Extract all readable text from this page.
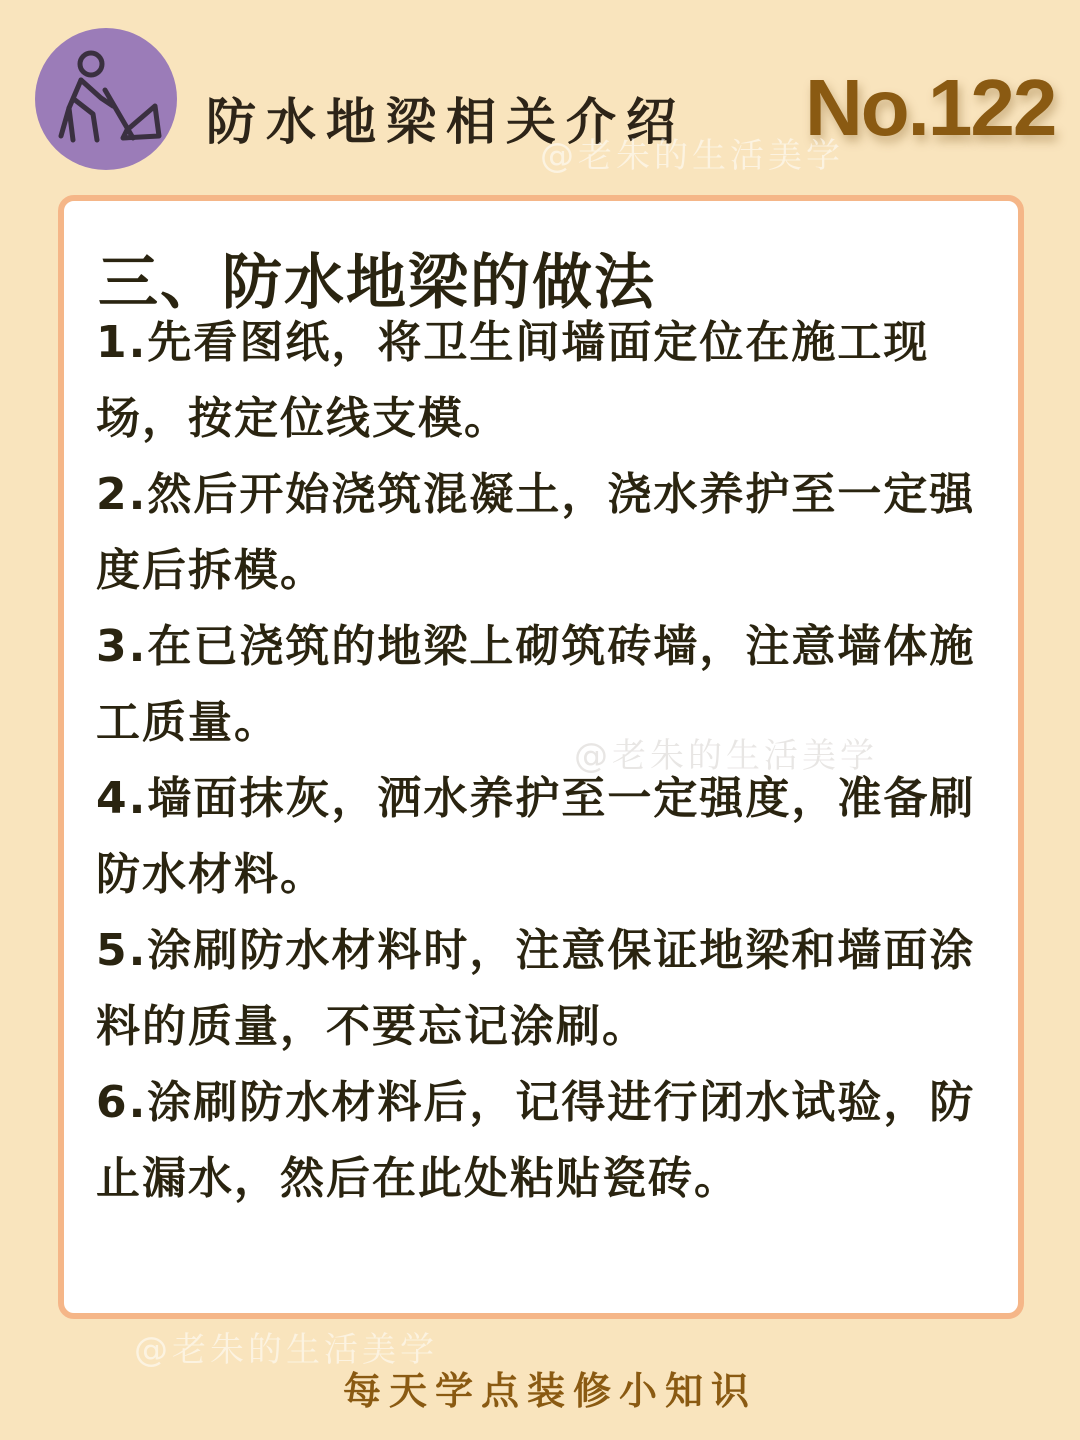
防水地梁相关介绍 No.122
@老朱的生活美学
三、防水地梁的做法
1.先看图纸，将卫生间墙面定位在施工现场，按定位线支模。
2.然后开始浇筑混凝土，浇水养护至一定强度后拆模。
3.在已浇筑的地梁上砌筑砖墙，注意墙体施工质量。
4.墙面抹灰，洒水养护至一定强度，准备刷防水材料。
5.涂刷防水材料时，注意保证地梁和墙面涂料的质量，不要忘记涂刷。
6.涂刷防水材料后，记得进行闭水试验，防止漏水，然后在此处粘贴瓷砖。
@老朱的生活美学
@老朱的生活美学
每天学点装修小知识
